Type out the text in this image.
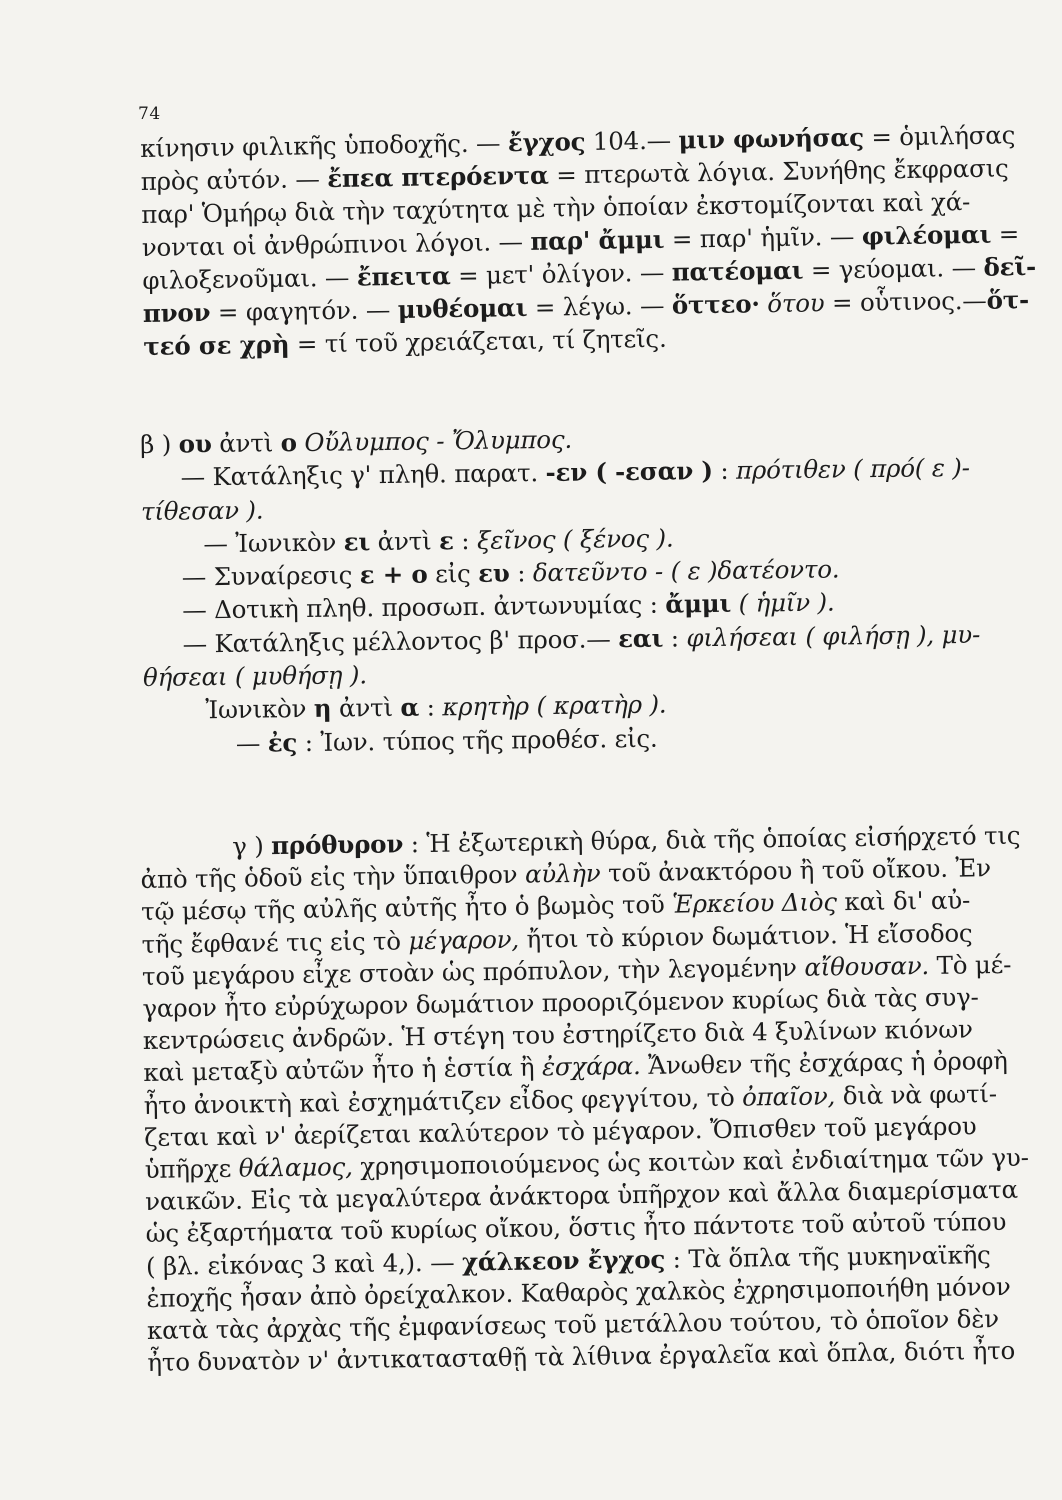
74
κίνησιν φιλικῆς ὑποδοχῆς. — ἔγχος 104.— μιν φωνήσας = ὁμιλήσας
πρὸς αὐτόν. — ἔπεα πτερόεντα = πτερωτὰ λόγια. Συνήθης ἔκφρασις
παρ' Ὁμήρῳ διὰ τὴν ταχύτητα μὲ τὴν ὁποίαν ἐκστομίζονται καὶ χά-
νονται οἱ ἀνθρώπινοι λόγοι. — παρ' ἄμμι = παρ' ἡμῖν. — φιλέομαι =
φιλοξενοῦμαι. — ἔπειτα = μετ' ὀλίγον. — πατέομαι = γεύομαι. — δεῖ-
πνον = φαγητόν. — μυθέομαι = λέγω. — ὅττεο· ὅτου = οὗτινος.—ὅτ-
τεό σε χρὴ = τί τοῦ χρειάζεται, τί ζητεῖς.
β ) ου ἀντὶ ο Οὔλυμπος - Ὄλυμπος.
— Κατάληξις γ' πληθ. παρατ. -εν ( -εσαν ) : πρότιθεν ( πρό( ε )-
τίθεσαν ).
— Ἰωνικὸν ει ἀντὶ ε : ξεῖνος ( ξένος ).
— Συναίρεσις ε + ο εἰς ευ : δατεῦντο - ( ε )δατέοντο.
— Δοτικὴ πληθ. προσωπ. ἀντωνυμίας : ἄμμι ( ἡμῖν ).
— Κατάληξις μέλλοντος β' προσ.— εαι : φιλήσεαι ( φιλήσῃ ), μυ-
θήσεαι ( μυθήσῃ ).
Ἰωνικὸν η ἀντὶ α : κρητὴρ ( κρατὴρ ).
— ἐς : Ἰων. τύπος τῆς προθέσ. εἰς.
γ ) πρόθυρον : Ἡ ἐξωτερικὴ θύρα, διὰ τῆς ὁποίας εἰσήρχετό τις
ἀπὸ τῆς ὁδοῦ εἰς τὴν ὕπαιθρον αὐλὴν τοῦ ἀνακτόρου ἢ τοῦ οἴκου. Ἐν
τῷ μέσῳ τῆς αὐλῆς αὐτῆς ἦτο ὁ βωμὸς τοῦ Ἑρκείου Διὸς καὶ δι' αὐ-
τῆς ἔφθανέ τις εἰς τὸ μέγαρον, ἤτοι τὸ κύριον δωμάτιον. Ἡ εἴσοδος
τοῦ μεγάρου εἶχε στοὰν ὡς πρόπυλον, τὴν λεγομένην αἴθουσαν. Τὸ μέ-
γαρον ἦτο εὐρύχωρον δωμάτιον προοριζόμενον κυρίως διὰ τὰς συγ-
κεντρώσεις ἀνδρῶν. Ἡ στέγη του ἐστηρίζετο διὰ 4 ξυλίνων κιόνων
καὶ μεταξὺ αὐτῶν ἦτο ἡ ἑστία ἢ ἐσχάρα. Ἄνωθεν τῆς ἐσχάρας ἡ ὀροφὴ
ἦτο ἀνοικτὴ καὶ ἐσχημάτιζεν εἶδος φεγγίτου, τὸ ὀπαῖον, διὰ νὰ φωτί-
ζεται καὶ ν' ἀερίζεται καλύτερον τὸ μέγαρον. Ὄπισθεν τοῦ μεγάρου
ὑπῆρχε θάλαμος, χρησιμοποιούμενος ὡς κοιτὼν καὶ ἐνδιαίτημα τῶν γυ-
ναικῶν. Εἰς τὰ μεγαλύτερα ἀνάκτορα ὑπῆρχον καὶ ἄλλα διαμερίσματα
ὡς ἐξαρτήματα τοῦ κυρίως οἴκου, ὅστις ἦτο πάντοτε τοῦ αὐτοῦ τύπου
( βλ. εἰκόνας 3 καὶ 4,). — χάλκεον ἔγχος : Τὰ ὅπλα τῆς μυκηναϊκῆς
ἐποχῆς ἦσαν ἀπὸ ὀρείχαλκον. Καθαρὸς χαλκὸς ἐχρησιμοποιήθη μόνον
κατὰ τὰς ἀρχὰς τῆς ἐμφανίσεως τοῦ μετάλλου τούτου, τὸ ὁποῖον δὲν
ἦτο δυνατὸν ν' ἀντικατασταθῇ τὰ λίθινα ἐργαλεῖα καὶ ὅπλα, διότι ἦτο
